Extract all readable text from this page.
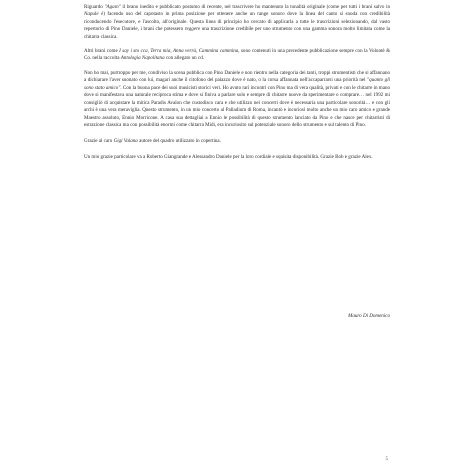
Riguardo "Agaın" il brano inedito e pubblicato postumo di recente, nel trascrivere ho mantenuto la tonalità originale (come per tutti i brani salvo in Napule è) facendo uso del capotasto in prima posizione per ottenere anche un range sonoro dove la linea del canto si snoda con credibilità riconducendo l'esecutore, e l'ascolto, all'originale. Questa linea di principio ho cercato di applicarla a tutte le trascrizioni selezionando, dal vasto repertorio di Pino Daniele, i brani che potessero reggere una trascrizione credibile per uno strumento con una gamma sonora molto limitata come la chitarra classica.

Altri brani come I say i sto cca, Terra mia, Anna verrà, Cammina cammina, sono contenuti in una precedente pubblicazione sempre con la Volontè & Co. nella raccolta Antologia Napolitana con allegato un cd.

Non ho mai, purtroppo per me, condiviso la scena pubblica con Pino Daniele e non rientro nella categoria dei tanti, troppi strumentisti che si affannano a dichiarare l'aver suonato con lui, magari anche il citofono del palazzo dove è nato, o la corsa affannata nell'accaparrarsi una priorità nel "quanto gli sono stato amico". Con la buona pace dei suoi musicisti storici veri. Ho avuto rari incontri con Pino ma di vera qualità, privati e con le chitarre in mano dove si manifestava una naturale reciproca stima e dove si finiva a parlare solo e sempre di chitarre nuove da sperimentare o comprare… nel 1992 mi consigliò di acquistare la mitica Paradis Avalon che custodisco cara e che utilizzo nei concerti dove è necessaria una particolare sonorità… e con gli archi è una vera meraviglia. Questo strumento, in un mio concerto al Palladium di Roma, incantò e incuriosì molto anche un mio caro amico e grande Maestro assoluto, Ennio Morricone. A casa sua dettagliai a Ennio le possibilità di questo strumento lanciato da Pino e che nasce per chitarristi di estrazione classica ma con possibilità enormi come chitarra Midi, era incuriosito sul potenziale sonoro dello strumento e sul talento di Pino.

Grazie al caro Gigi Vaiana autore del quadro utilizzato in copertina.

Un mio grazie particolare va a Roberto Giangrande e Alessandro Daniele per la loro cordiale e squisita disponibilità. Grazie Bob e grazie Alex.

Mauro Di Domenico
5
